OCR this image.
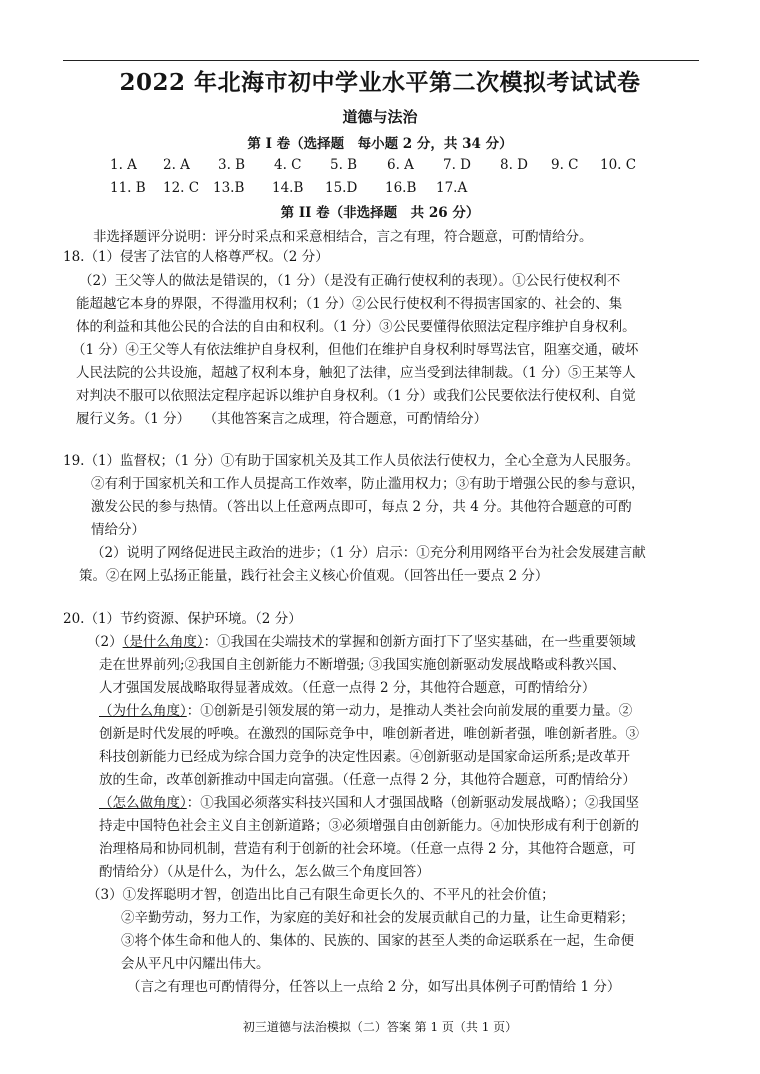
2022 年北海市初中学业水平第二次模拟考试试卷
道德与法治
第 I 卷（选择题　每小题 2 分，共 34 分）
1. A 2. A 3. B 4. C 5. B 6. A 7. D 8. D 9. C 10. C
11. B 12. C 13.B 14.B 15.D 16.B 17.A
第 II 卷（非选择题　共 26 分）
非选择题评分说明：评分时采点和采意相结合，言之有理，符合题意，可酌情给分。
18.（1）侵害了法官的人格尊严权。（2 分）
（2）王父等人的做法是错误的，（1 分）（是没有正确行使权利的表现）。①公民行使权利不
能超越它本身的界限，不得滥用权利；（1 分）②公民行使权利不得损害国家的、社会的、集
体的利益和其他公民的合法的自由和权利。（1 分）③公民要懂得依照法定程序维护自身权利。
（1 分）④王父等人有依法维护自身权利，但他们在维护自身权利时辱骂法官，阻塞交通，破坏
人民法院的公共设施，超越了权利本身，触犯了法律，应当受到法律制裁。（1 分）⑤王某等人
对判决不服可以依照法定程序起诉以维护自身权利。（1 分）或我们公民要依法行使权利、自觉
履行义务。（1 分）　　（其他答案言之成理，符合题意，可酌情给分）
19.（1）监督权；（1 分）①有助于国家机关及其工作人员依法行使权力，全心全意为人民服务。
②有利于国家机关和工作人员提高工作效率，防止滥用权力；③有助于增强公民的参与意识，
激发公民的参与热情。（答出以上任意两点即可，每点 2 分，共 4 分。其他符合题意的可酌
情给分）
（2）说明了网络促进民主政治的进步；（1 分）启示：①充分利用网络平台为社会发展建言献
策。②在网上弘扬正能量，践行社会主义核心价值观。（回答出任一要点 2 分）
20.（1）节约资源、保护环境。（2 分）
（2）（是什么角度）：①我国在尖端技术的掌握和创新方面打下了坚实基础，在一些重要领域
走在世界前列;②我国自主创新能力不断增强; ③我国实施创新驱动发展战略或科教兴国、
人才强国发展战略取得显著成效。（任意一点得 2 分，其他符合题意，可酌情给分）
（为什么角度）：①创新是引领发展的第一动力，是推动人类社会向前发展的重要力量。②
创新是时代发展的呼唤。在激烈的国际竞争中，唯创新者进，唯创新者强，唯创新者胜。③
科技创新能力已经成为综合国力竞争的决定性因素。④创新驱动是国家命运所系;是改革开
放的生命，改革创新推动中国走向富强。（任意一点得 2 分，其他符合题意，可酌情给分）
（怎么做角度）：①我国必须落实科技兴国和人才强国战略（创新驱动发展战略）；②我国坚
持走中国特色社会主义自主创新道路；③必须增强自由创新能力。④加快形成有利于创新的
治理格局和协同机制，营造有利于创新的社会环境。（任意一点得 2 分，其他符合题意，可
酌情给分）（从是什么，为什么，怎么做三个角度回答）
（3）①发挥聪明才智，创造出比自己有限生命更长久的、不平凡的社会价值；
②辛勤劳动，努力工作，为家庭的美好和社会的发展贡献自己的力量，让生命更精彩；
③将个体生命和他人的、集体的、民族的、国家的甚至人类的命运联系在一起，生命便
会从平凡中闪耀出伟大。
（言之有理也可酌情得分，任答以上一点给 2 分，如写出具体例子可酌情给 1 分）
初三道德与法治模拟（二）答案 第 1 页（共 1 页）
